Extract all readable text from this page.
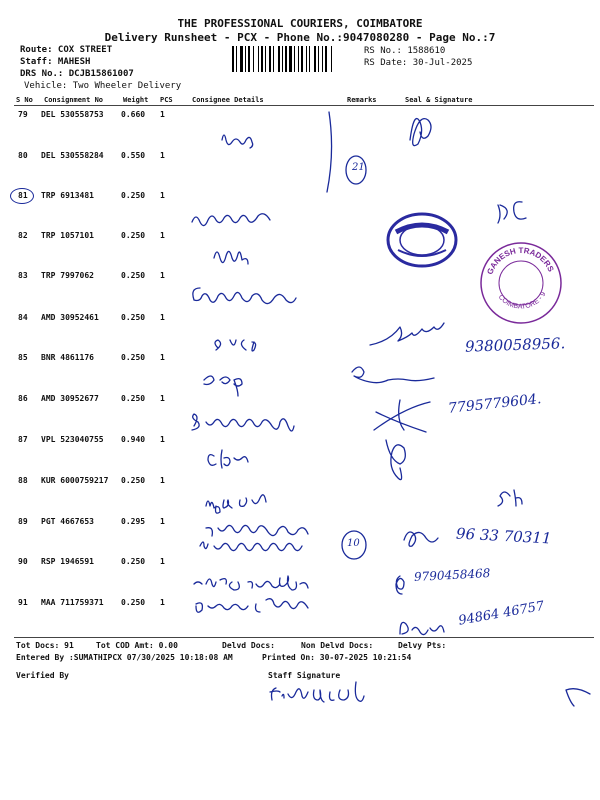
THE PROFESSIONAL COURIERS, COIMBATORE
Delivery Runsheet - PCX - Phone No.:9047080280 - Page No.:7
Route: COX STREET
Staff: MAHESH
DRS No.: DCJB15861007
Vehicle: Two Wheeler Delivery
RS No.: 1588610
RS Date: 30-Jul-2025
S No Consignment No	Weight PCS	Consignee Details	Remarks	Seal & Signature
79 DEL 530558753 0.660 1
80 DEL 530558284 0.550 1
81 TRP 6913481	0.250 1
82 TRP 1057101	0.250 1
83 TRP 7997062	0.250 1
84 AMD 30952461	0.250 1
85 BNR 4861176	0.250 1
86 AMD 30952677	0.250 1
87 VPL 523040755 0.940 1
88 KUR 6000759217 0.250 1
89 PGT 4667653	0.295 1
90 RSP 1946591	0.250 1
91 MAA 711759371 0.250 1
9380058956.
7795779604.
96 33 70311
9790458468
94864 46757
21
10
GANESH TRADERS
COIMBATORE - 9
Tot Docs: 91	Tot COD Amt: 0.00	Delvd Docs:	Non Delvd Docs:	Delvy Pts:
Entered By :SUMATHIPCX 07/30/2025 10:18:08 AM	Printed On: 30-07-2025 10:21:54
Verified By	Staff Signature
